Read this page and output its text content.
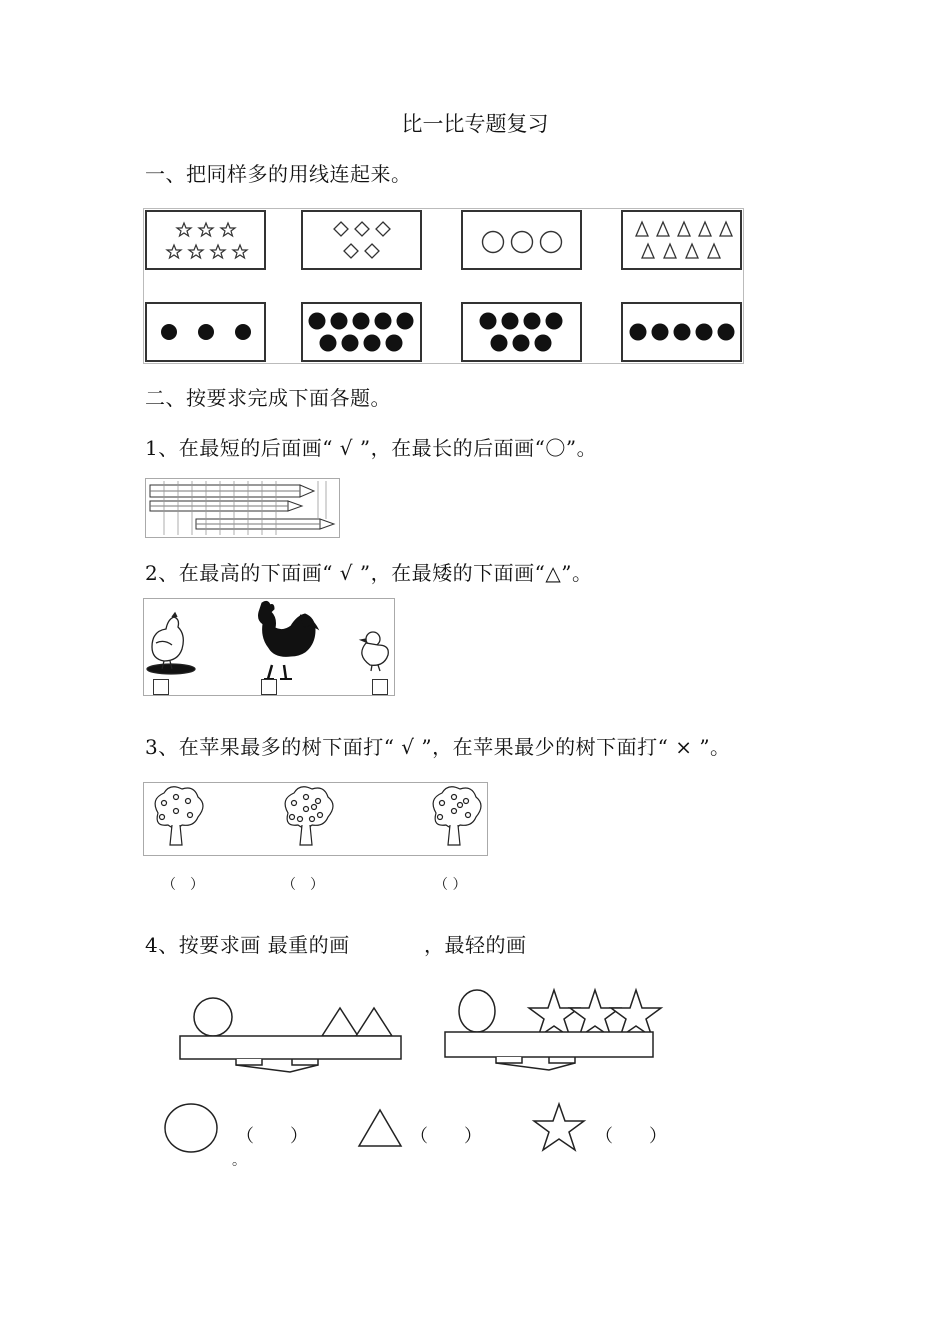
比一比专题复习
一、把同样多的用线连起来。
二、按要求完成下面各题。
1、在最短的后面画“ √ ”，在最长的后面画“〇”。
2、在最高的下面画“ √ ”，在最矮的下面画“△”。
3、在苹果最多的树下面打“ √ ”，在苹果最少的树下面打“ × ”。
（　）	（　）	（ ）
4、按要求画 最重的画	，最轻的画
（　　）	（　　）	（　　）
。
